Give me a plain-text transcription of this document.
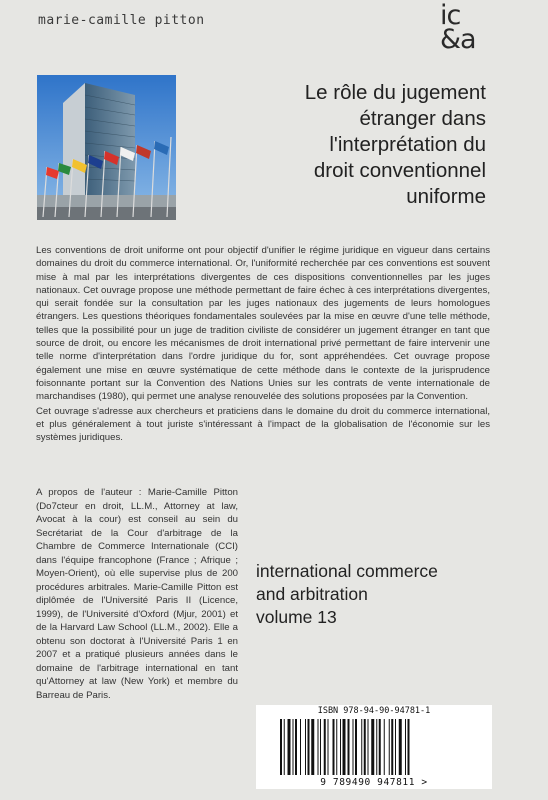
marie-camille pitton	ic
&a
Le rôle du jugement
étranger dans
l'interprétation du
droit conventionnel
uniforme

Les conventions de droit uniforme ont pour objectif d'unifier le régime juridique en vigueur dans certains domaines du droit du commerce international. Or, l'uniformité recherchée par ces conventions est souvent mise à mal par les interprétations divergentes de ces dispositions conventionnelles par les juges nationaux. Cet ouvrage propose une méthode permettant de faire échec à ces interprétations divergentes, qui serait fondée sur la consultation par les juges nationaux des jugements de leurs homologues étrangers. Les questions théoriques fondamentales soulevées par la mise en œuvre d'une telle méthode, telles que la possibilité pour un juge de tradition civiliste de considérer un jugement étranger en tant que source de droit, ou encore les mécanismes de droit international privé permettant de faire intervenir une telle norme d'interprétation dans l'ordre juridique du for, sont appréhendées. Cet ouvrage propose également une mise en œuvre systématique de cette méthode dans le contexte de la jurisprudence foisonnante portant sur la Convention des Nations Unies sur les contrats de vente internationale de marchandises (1980), qui permet une analyse renouvelée des solutions proposées par la Convention.

Cet ouvrage s'adresse aux chercheurs et praticiens dans le domaine du droit du commerce international, et plus généralement à tout juriste s'intéressant à l'impact de la globalisation de l'économie sur les systèmes juridiques.

A propos de l'auteur : Marie-Camille Pitton (Do7cteur en droit, LL.M., Attorney at law, Avocat à la cour) est conseil au sein du Secrétariat de la Cour d'arbitrage de la Chambre de Commerce Internationale (CCI) dans l'équipe francophone (France ; Afrique ; Moyen-Orient), où elle supervise plus de 200 procédures arbitrales. Marie-Camille Pitton est diplômée de l'Université Paris II (Licence, 1999), de l'Université d'Oxford (Mjur, 2001) et de la Harvard Law School (LL.M., 2002). Elle a obtenu son doctorat à l'Université Paris 1 en 2007 et a pratiqué plusieurs années dans le domaine de l'arbitrage international en tant qu'Attorney at law (New York) et membre du Barreau de Paris.
international commerce
and arbitration
volume 13
ISBN 978-94-90-94781-1
9 789490 947811 >
